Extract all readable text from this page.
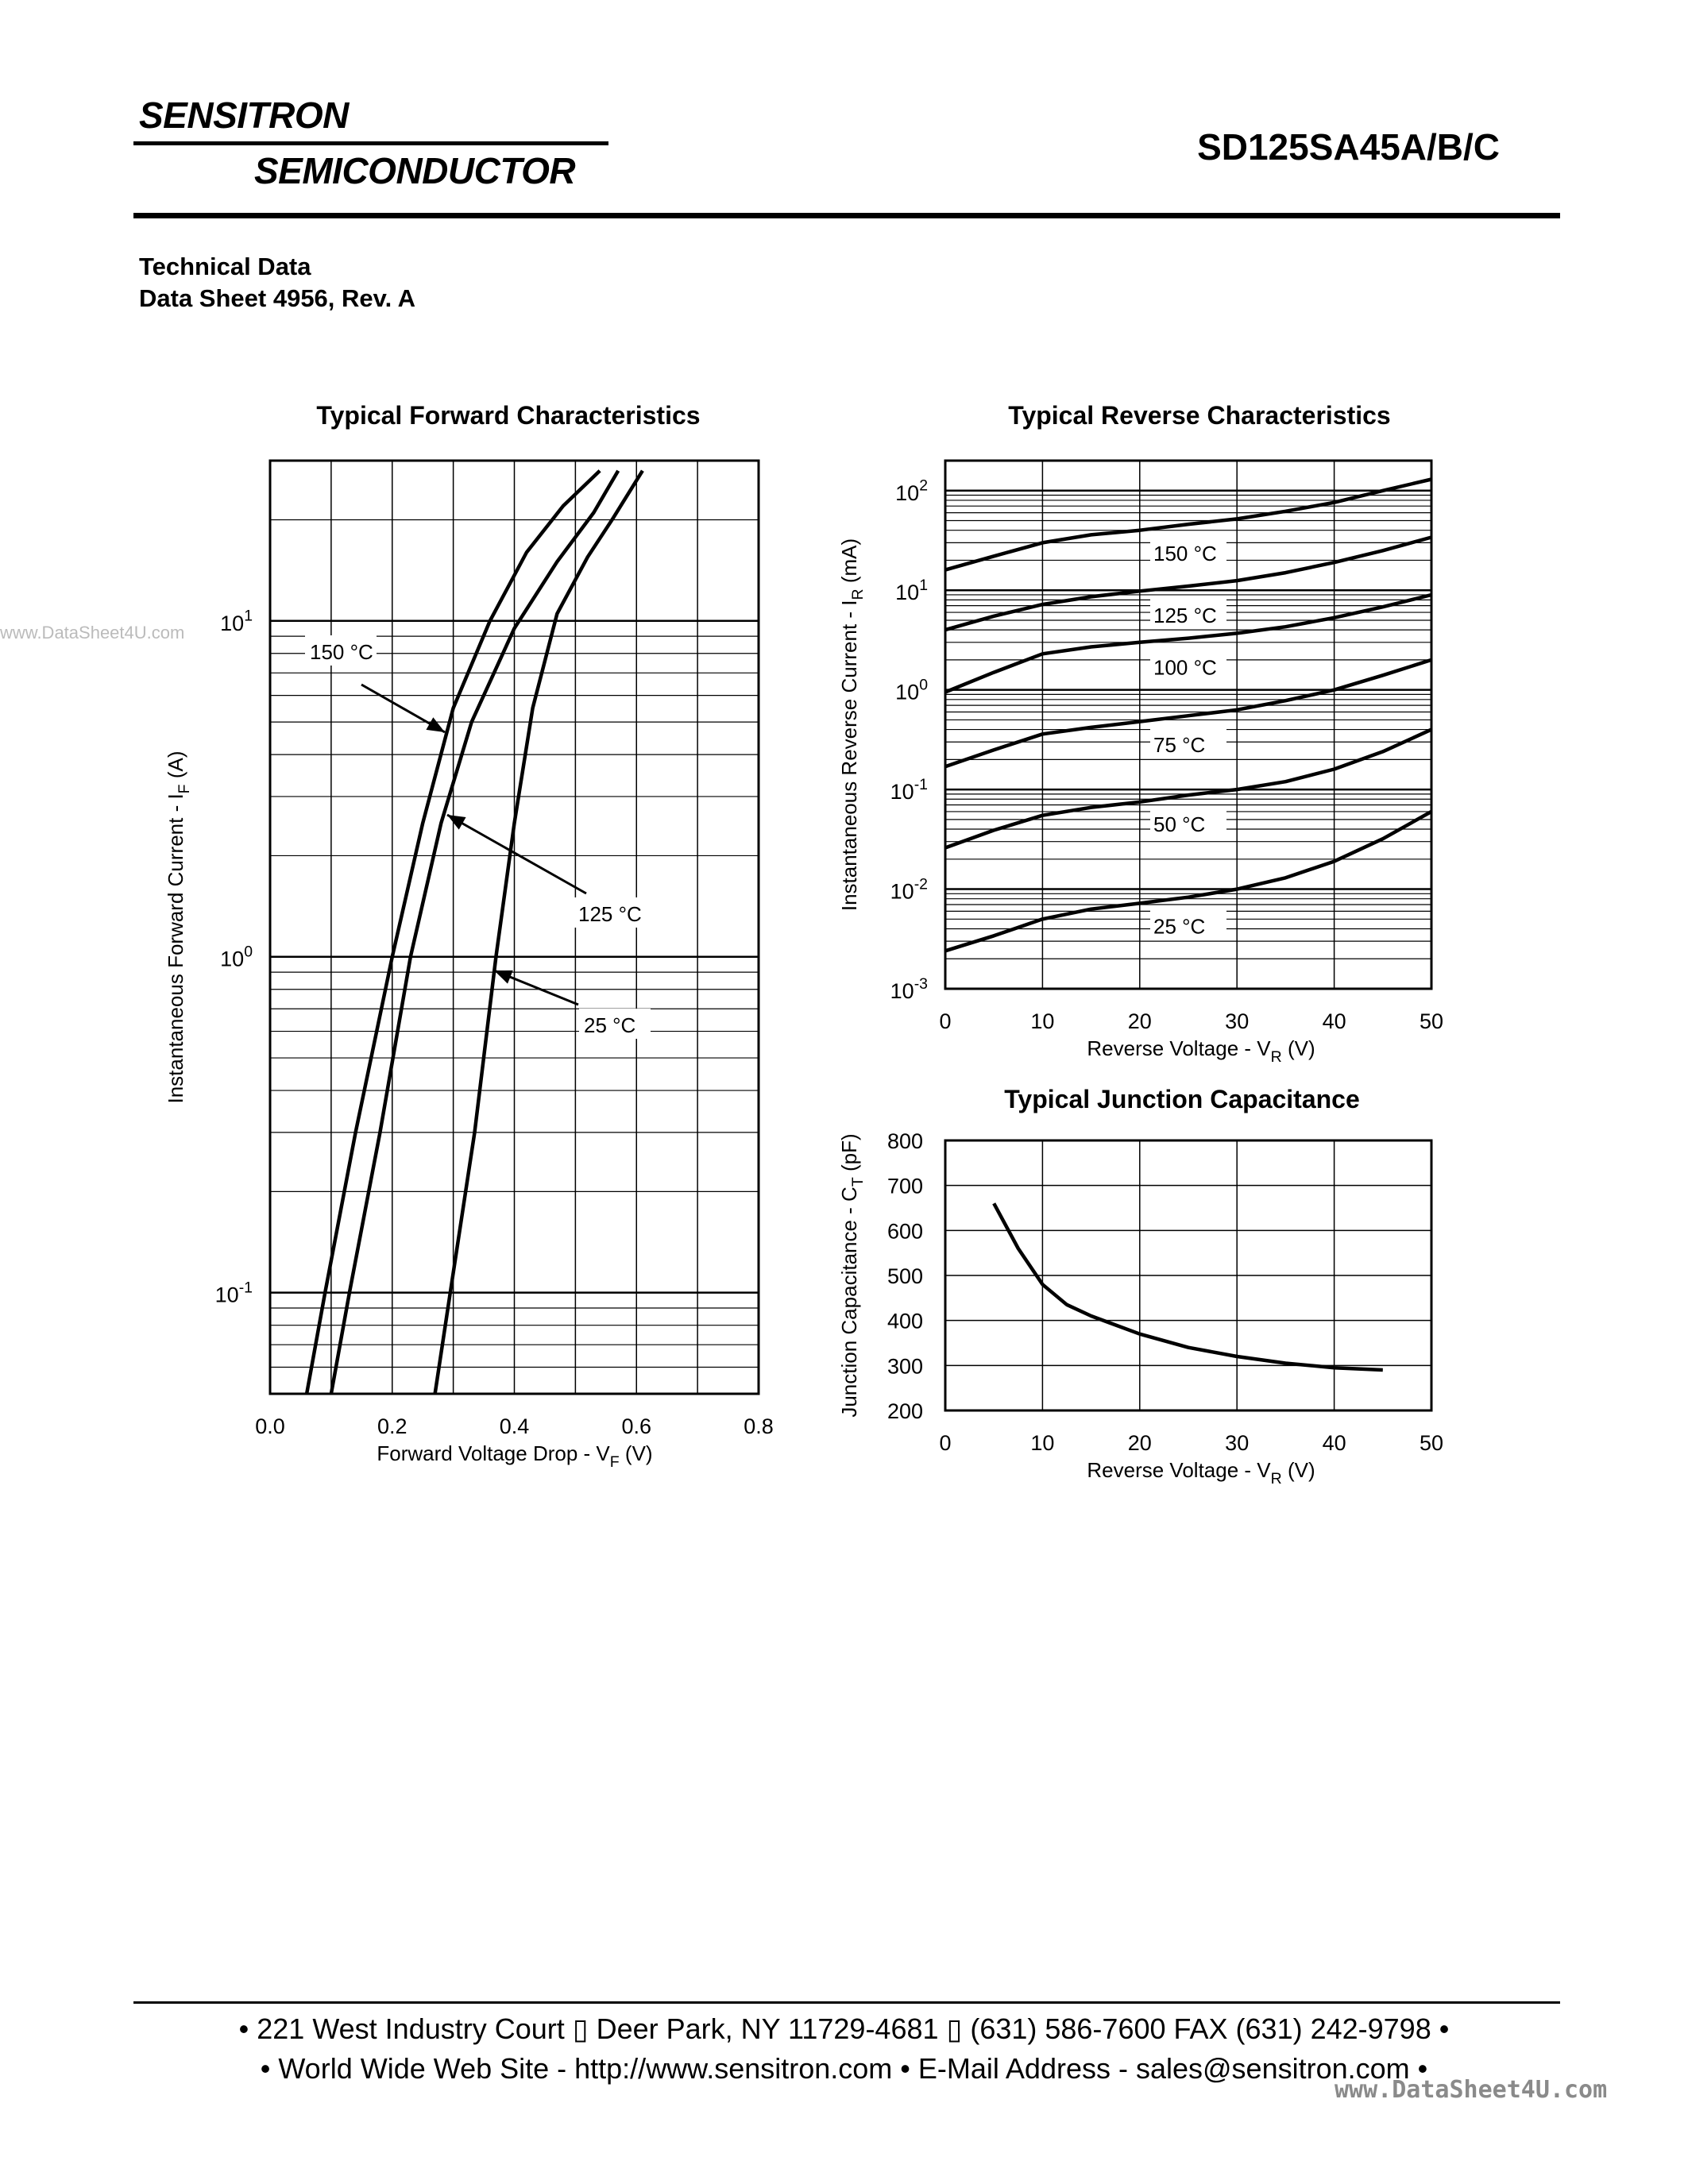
SENSITRON
SEMICONDUCTOR
SD125SA45A/B/C
Technical Data
Data Sheet 4956, Rev. A
www.DataSheet4U.com
Typical Forward Characteristics	Typical Reverse Characteristics
Typical Junction Capacitance
0.0	0.2	0.4	0.6	0.8
$10^{-1}$
$10^0$
$10^1$
Forward Voltage Drop - $V_F$ (V)
Instantaneous Forward Current - $I_F$ (A)
150 °C
125 °C
25 °C	0	10	20	30	40	50
$10^{-3}$
$10^{-2}$
$10^{-1}$
$10^0$
$10^1$
$10^2$
Reverse Voltage - $V_R$ (V)
Instantaneous Reverse Current - $I_R$ (mA)	150 °C
125 °C
100 °C
75 °C
50 °C
25 °C
0	10	20	30	40	50
200
300
400
500
600
700
800
Reverse Voltage - $V_R$ (V)
Junction Capacitance - $C_T$ (pF)
• 221 West Industry Court ▯ Deer Park, NY 11729-4681 ▯ (631) 586-7600 FAX (631) 242-9798 •
• World Wide Web Site - http://www.sensitron.com • E-Mail Address - sales@sensitron.com •
www.DataSheet4U.com
